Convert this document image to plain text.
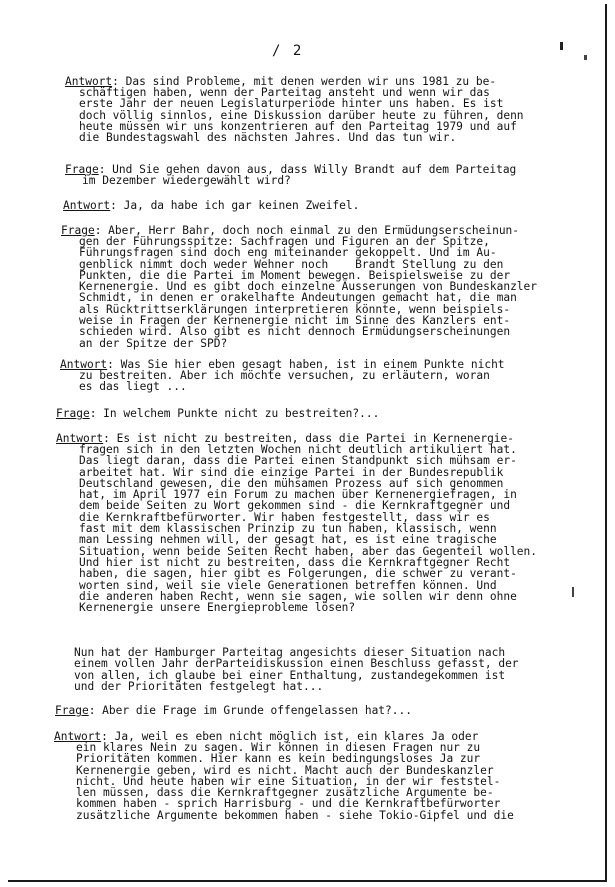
/ 2
Antwort: Das sind Probleme, mit denen werden wir uns 1981 zu be-
schäftigen haben, wenn der Parteitag ansteht und wenn wir das
erste Jahr der neuen Legislaturperiode hinter uns haben. Es ist
doch völlig sinnlos, eine Diskussion darüber heute zu führen, denn
heute müssen wir uns konzentrieren auf den Parteitag 1979 und auf
die Bundestagswahl des nächsten Jahres. Und das tun wir.
Frage: Und Sie gehen davon aus, dass Willy Brandt auf dem Parteitag
im Dezember wiedergewählt wird?
Antwort: Ja, da habe ich gar keinen Zweifel.
Frage: Aber, Herr Bahr, doch noch einmal zu den Ermüdungserscheinun-
gen der Führungsspitze: Sachfragen und Figuren an der Spitze,
Führungsfragen sind doch eng miteinander gekoppelt. Und im Au-
genblick nimmt doch weder Wehner noch    Brandt Stellung zu den
Punkten, die die Partei im Moment bewegen. Beispielsweise zu der
Kernenergie. Und es gibt doch einzelne Äusserungen von Bundeskanzler
Schmidt, in denen er orakelhafte Andeutungen gemacht hat, die man
als Rücktrittserklärungen interpretieren könnte, wenn beispiels-
weise in Fragen der Kernenergie nicht im Sinne des Kanzlers ent-
schieden wird. Also gibt es nicht dennoch Ermüdungserscheinungen
an der Spitze der SPD?
Antwort: Was Sie hier eben gesagt haben, ist in einem Punkte nicht
zu bestreiten. Aber ich möchte versuchen, zu erläutern, woran
es das liegt ...
Frage: In welchem Punkte nicht zu bestreiten?...
Antwort: Es ist nicht zu bestreiten, dass die Partei in Kernenergie-
fragen sich in den letzten Wochen nicht deutlich artikuliert hat.
Das liegt daran, dass die Partei einen Standpunkt sich mühsam er-
arbeitet hat. Wir sind die einzige Partei in der Bundesrepublik
Deutschland gewesen, die den mühsamen Prozess auf sich genommen
hat, im April 1977 ein Forum zu machen über Kernenergiefragen, in
dem beide Seiten zu Wort gekommen sind - die Kernkraftgegner und
die Kernkraftbefürworter. Wir haben festgestellt, dass wir es
fast mit dem klassischen Prinzip zu tun haben, klassisch, wenn
man Lessing nehmen will, der gesagt hat, es ist eine tragische
Situation, wenn beide Seiten Recht haben, aber das Gegenteil wollen.
Und hier ist nicht zu bestreiten, dass die Kernkraftgegner Recht
haben, die sagen, hier gibt es Folgerungen, die schwer zu verant-
worten sind, weil sie viele Generationen betreffen können. Und
die anderen haben Recht, wenn sie sagen, wie sollen wir denn ohne
Kernenergie unsere Energieprobleme lösen?
Nun hat der Hamburger Parteitag angesichts dieser Situation nach
einem vollen Jahr derParteidiskussion einen Beschluss gefasst, der
von allen, ich glaube bei einer Enthaltung, zustandegekommen ist
und der Prioritäten festgelegt hat...
Frage: Aber die Frage im Grunde offengelassen hat?...
Antwort: Ja, weil es eben nicht möglich ist, ein klares Ja oder
ein klares Nein zu sagen. Wir können in diesen Fragen nur zu
Prioritäten kommen. Hier kann es kein bedingungsloses Ja zur
Kernenergie geben, wird es nicht. Macht auch der Bundeskanzler
nicht. Und heute haben wir eine Situation, in der wir feststel-
len müssen, dass die Kernkraftgegner zusätzliche Argumente be-
kommen haben - sprich Harrisburg - und die Kernkraftbefürworter
zusätzliche Argumente bekommen haben - siehe Tokio-Gipfel und die
